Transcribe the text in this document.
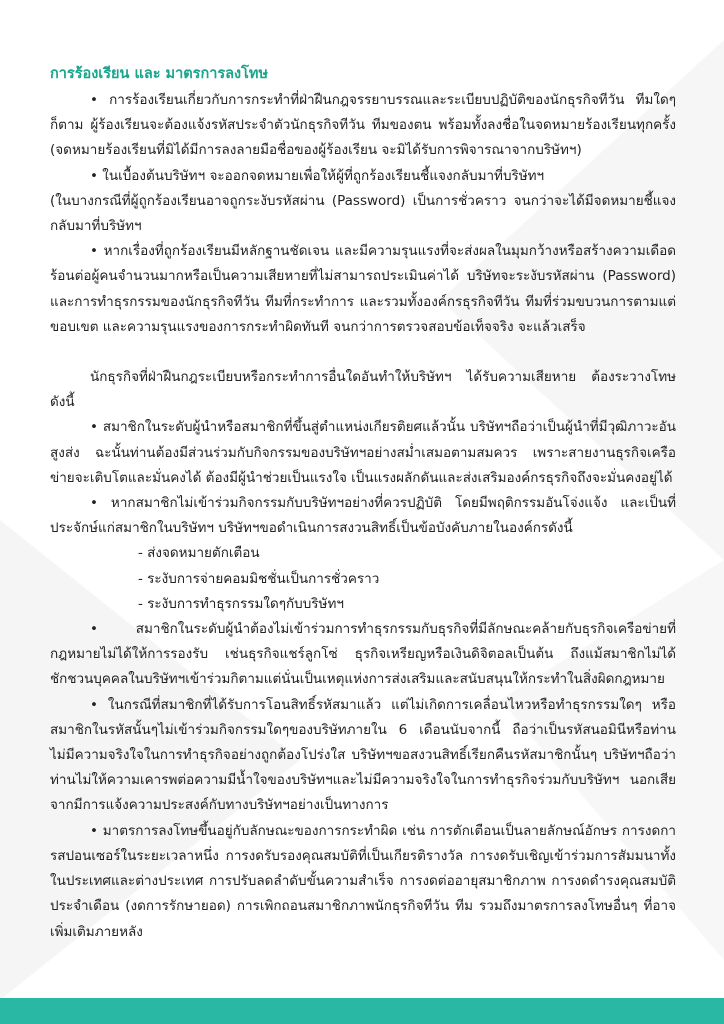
การร้องเรียน และ มาตรการลงโทษ

• การร้องเรียนเกี่ยวกับการกระทำที่ฝ่าฝืนกฎจรรยาบรรณและระเบียบปฏิบัติของนักธุรกิจทีวัน ทีมใดๆ ก็ตาม ผู้ร้องเรียนจะต้องแจ้งรหัสประจำตัวนักธุรกิจทีวัน ทีมของตน พร้อมทั้งลงชื่อในจดหมายร้องเรียนทุกครั้ง (จดหมายร้องเรียนที่มิได้มีการลงลายมือชื่อของผู้ร้องเรียน จะมิได้รับการพิจารณาจากบริษัทฯ)

• ในเบื้องต้นบริษัทฯ จะออกจดหมายเพื่อให้ผู้ที่ถูกร้องเรียนชี้แจงกลับมาที่บริษัทฯ

(ในบางกรณีที่ผู้ถูกร้องเรียนอาจถูกระงับรหัสผ่าน (Password) เป็นการชั่วคราว จนกว่าจะได้มีจดหมายชี้แจงกลับมาที่บริษัทฯ

• หากเรื่องที่ถูกร้องเรียนมีหลักฐานชัดเจน และมีความรุนแรงที่จะส่งผลในมุมกว้างหรือสร้างความเดือดร้อนต่อผู้คนจำนวนมากหรือเป็นความเสียหายที่ไม่สามารถประเมินค่าได้ บริษัทจะระงับรหัสผ่าน (Password) และการทำธุรกรรมของนักธุรกิจทีวัน ทีมที่กระทำการ และรวมทั้งองค์กรธุรกิจทีวัน ทีมที่ร่วมขบวนการตามแต่ขอบเขต และความรุนแรงของการกระทำผิดทันที จนกว่าการตรวจสอบข้อเท็จจริง จะแล้วเสร็จ

นักธุรกิจที่ฝ่าฝืนกฎระเบียบหรือกระทำการอื่นใดอันทำให้บริษัทฯ ได้รับความเสียหาย ต้องระวางโทษดังนี้

• สมาชิกในระดับผู้นำหรือสมาชิกที่ขึ้นสู่ตำแหน่งเกียรติยศแล้วนั้น บริษัทฯถือว่าเป็นผู้นำที่มีวุฒิภาวะอันสูงส่ง ฉะนั้นท่านต้องมีส่วนร่วมกับกิจกรรมของบริษัทฯอย่างสม่ำเสมอตามสมควร เพราะสายงานธุรกิจเครือข่ายจะเติบโตและมั่นคงได้ ต้องมีผู้นำช่วยเป็นแรงใจ เป็นแรงผลักดันและส่งเสริมองค์กรธุรกิจถึงจะมั่นคงอยู่ได้

• หากสมาชิกไม่เข้าร่วมกิจกรรมกับบริษัทฯอย่างที่ควรปฏิบัติ โดยมีพฤติกรรมอันโจ่งแจ้ง และเป็นที่ประจักษ์แก่สมาชิกในบริษัทฯ บริษัทฯขอดำเนินการสงวนสิทธิ์เป็นข้อบังคับภายในองค์กรดังนี้

- ส่งจดหมายตักเตือน
- ระงับการจ่ายคอมมิชชั่นเป็นการชั่วคราว
- ระงับการทำธุรกรรมใดๆกับบริษัทฯ

• สมาชิกในระดับผู้นำต้องไม่เข้าร่วมการทำธุรกรรมกับธุรกิจที่มีลักษณะคล้ายกับธุรกิจเครือข่ายที่กฎหมายไม่ได้ให้การรองรับ เช่นธุรกิจแชร์ลูกโซ่ ธุรกิจเหรียญหรือเงินดิจิตอลเป็นต้น ถึงแม้สมาชิกไม่ได้ชักชวนบุคคลในบริษัทฯเข้าร่วมกิตามแต่นั่นเป็นเหตุแห่งการส่งเสริมและสนับสนุนให้กระทำในสิ่งผิดกฎหมาย

• ในกรณีที่สมาชิกที่ได้รับการโอนสิทธิ์รหัสมาแล้ว แต่ไม่เกิดการเคลื่อนไหวหรือทำธุรกรรมใดๆ หรือสมาชิกในรหัสนั้นๆไม่เข้าร่วมกิจกรรมใดๆของบริษัทภายใน 6 เดือนนับจากนี้ ถือว่าเป็นรหัสนอมินีหรือท่านไม่มีความจริงใจในการทำธุรกิจอย่างถูกต้องโปร่งใส บริษัทฯขอสงวนสิทธิ์เรียกคืนรหัสมาชิกนั้นๆ บริษัทฯถือว่าท่านไม่ให้ความเคารพต่อความมีน้ำใจของบริษัทฯและไม่มีความจริงใจในการทำธุรกิจร่วมกับบริษัทฯ นอกเสียจากมีการแจ้งความประสงค์กับทางบริษัทฯอย่างเป็นทางการ

• มาตรการลงโทษขึ้นอยู่กับลักษณะของการกระทำผิด เช่น การตักเตือนเป็นลายลักษณ์อักษร การงดการสปอนเซอร์ในระยะเวลาหนึ่ง การงดรับรองคุณสมบัติที่เป็นเกียรติรางวัล การงดรับเชิญเข้าร่วมการสัมมนาทั้งในประเทศและต่างประเทศ การปรับลดลำดับขั้นความสำเร็จ การงดต่ออายุสมาชิกภาพ การงดดำรงคุณสมบัติประจำเดือน (งดการรักษายอด) การเพิกถอนสมาชิกภาพนักธุรกิจทีวัน ทีม รวมถึงมาตรการลงโทษอื่นๆ ที่อาจเพิ่มเติมภายหลัง
